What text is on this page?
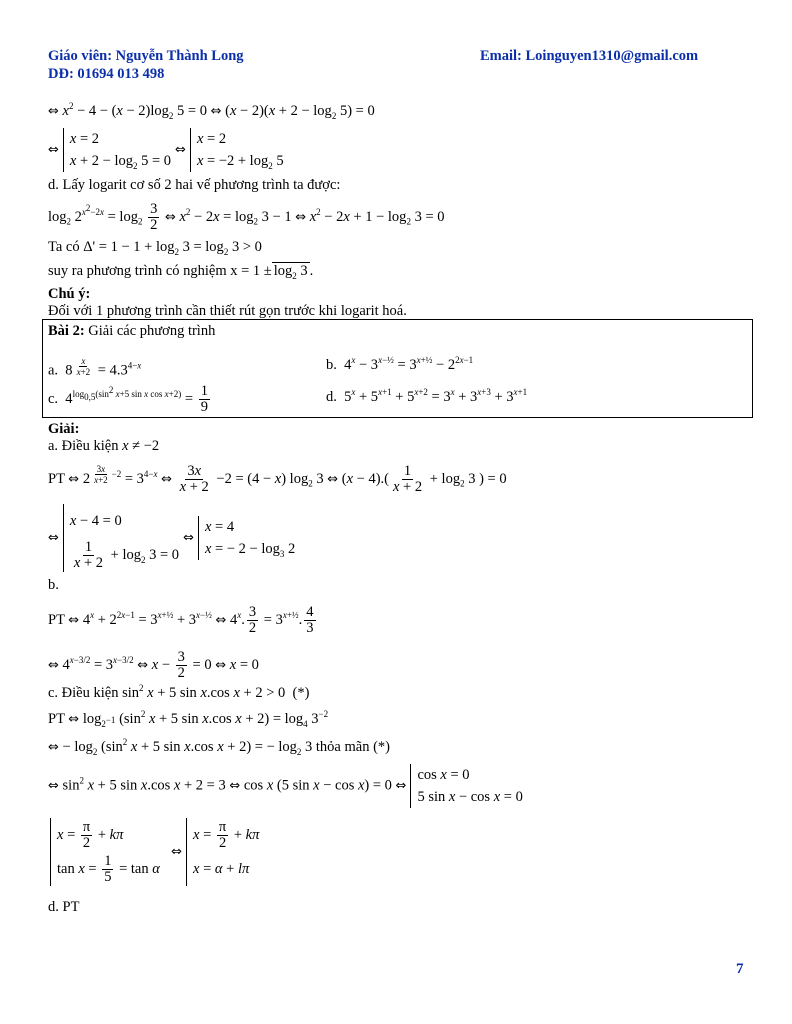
Giáo viên: Nguyễn Thành Long	Email: Loinguyen1310@gmail.com
DĐ: 01694 013 498
⇔ $x^2 - 4 - (x - 2)\log_2$ 5 = 0 ⇔ $(x - 2)(x + 2 - \log_2 5) = 0$
⇔
x = 2
$x + 2 - \log_2 5 = 0$
⇔
x = 2
$x = -2 + \log_2 5$
d. Lấy logarit cơ số 2 hai vế phương trình ta được:
$\log_2 2^{x^2-2x} = \log_2 \frac{3}{2}$ ⇔ $x^2 - 2x = \log_2 3 - 1$ ⇔ $x^2 - 2x + 1 - \log_2 3 = 0$
Ta có $\Delta' = 1 - 1 + \log_2 3 = \log_2 3 > 0$
suy ra phương trình có nghiệm $x = 1 \pm \log_2 3$ .
Chú ý:
Đối với 1 phương trình cần thiết rút gọn trước khi logarit hoá.
Bài 2: Giải các phương trình
a.  8 $^{\frac{x}{x+2}} = 4.3^{4-x}$	b.  $4^x - 3^{x-\frac{1}{2}} = 3^{x+\frac{1}{2}} - 2^{2x-1}$
c.  $4^{log_{0,5}(sin^2 x+5 sin x cos x+2)} = \frac{1}{9}$	d.  $5^x + 5^{x+1} + 5^{x+2} = 3^x + 3^{x+3} + 3^{x+1}$
Giải:
a. Điều kiện x ≠ −2
PT ⇔ 2 $^{\frac{3x}{x+2} -2} = 3^{4-x}$ ⇔ $\frac{3x}{x + 2} -2 = (4 - x)$ $\log_2 3$ ⇔ $(x - 4).( \frac{1}{x + 2} + \log_2 3$ ) = 0
⇔
x − 4 = 0
$\frac{1}{x + 2} + \log_2 3 = 0$
⇔
x = 4
x = − $2 - \log_3 2$
b.
PT ⇔ $4^x + 2^{2x-1} = 3^{x+\frac{1}{2}} + 3^{x-\frac{1}{2}}$ ⇔ 4$^x$. $\frac{3}{2} = 3^{x+\frac{1}{2}}$. $\frac{4}{3}$
⇔ $4^{x-3/2} = 3^{x-3/2}$ ⇔ $x - \frac{3}{2} = 0$ ⇔ x = 0
c. Điều kiện $\sin^2 x + 5$ sin x.cos x + 2 > 0  (*)
PT ⇔ $\log_{2^{-1}} (\sin^2$ x + 5 sin x.cos $x + 2) = \log_4 3^{-2}$
⇔ − $\log_2 (\sin^2$ x + 5 sin x.cos x + 2) = − $\log_2 3$ thỏa mãn (*)
⇔ $\sin^2 x + 5$ sin x.cos x + 2 = 3 ⇔ cos x (5 sin x − cos x) = 0 ⇔
cos x = 0
5 sin x − cos x = 0
$x = \frac{\pi}{2} + k\pi$
$\tan x = \frac{1}{5} = \tan \alpha$
⇔
$x = \frac{\pi}{2} + k\pi$
x = α + lπ
d. PT
7
